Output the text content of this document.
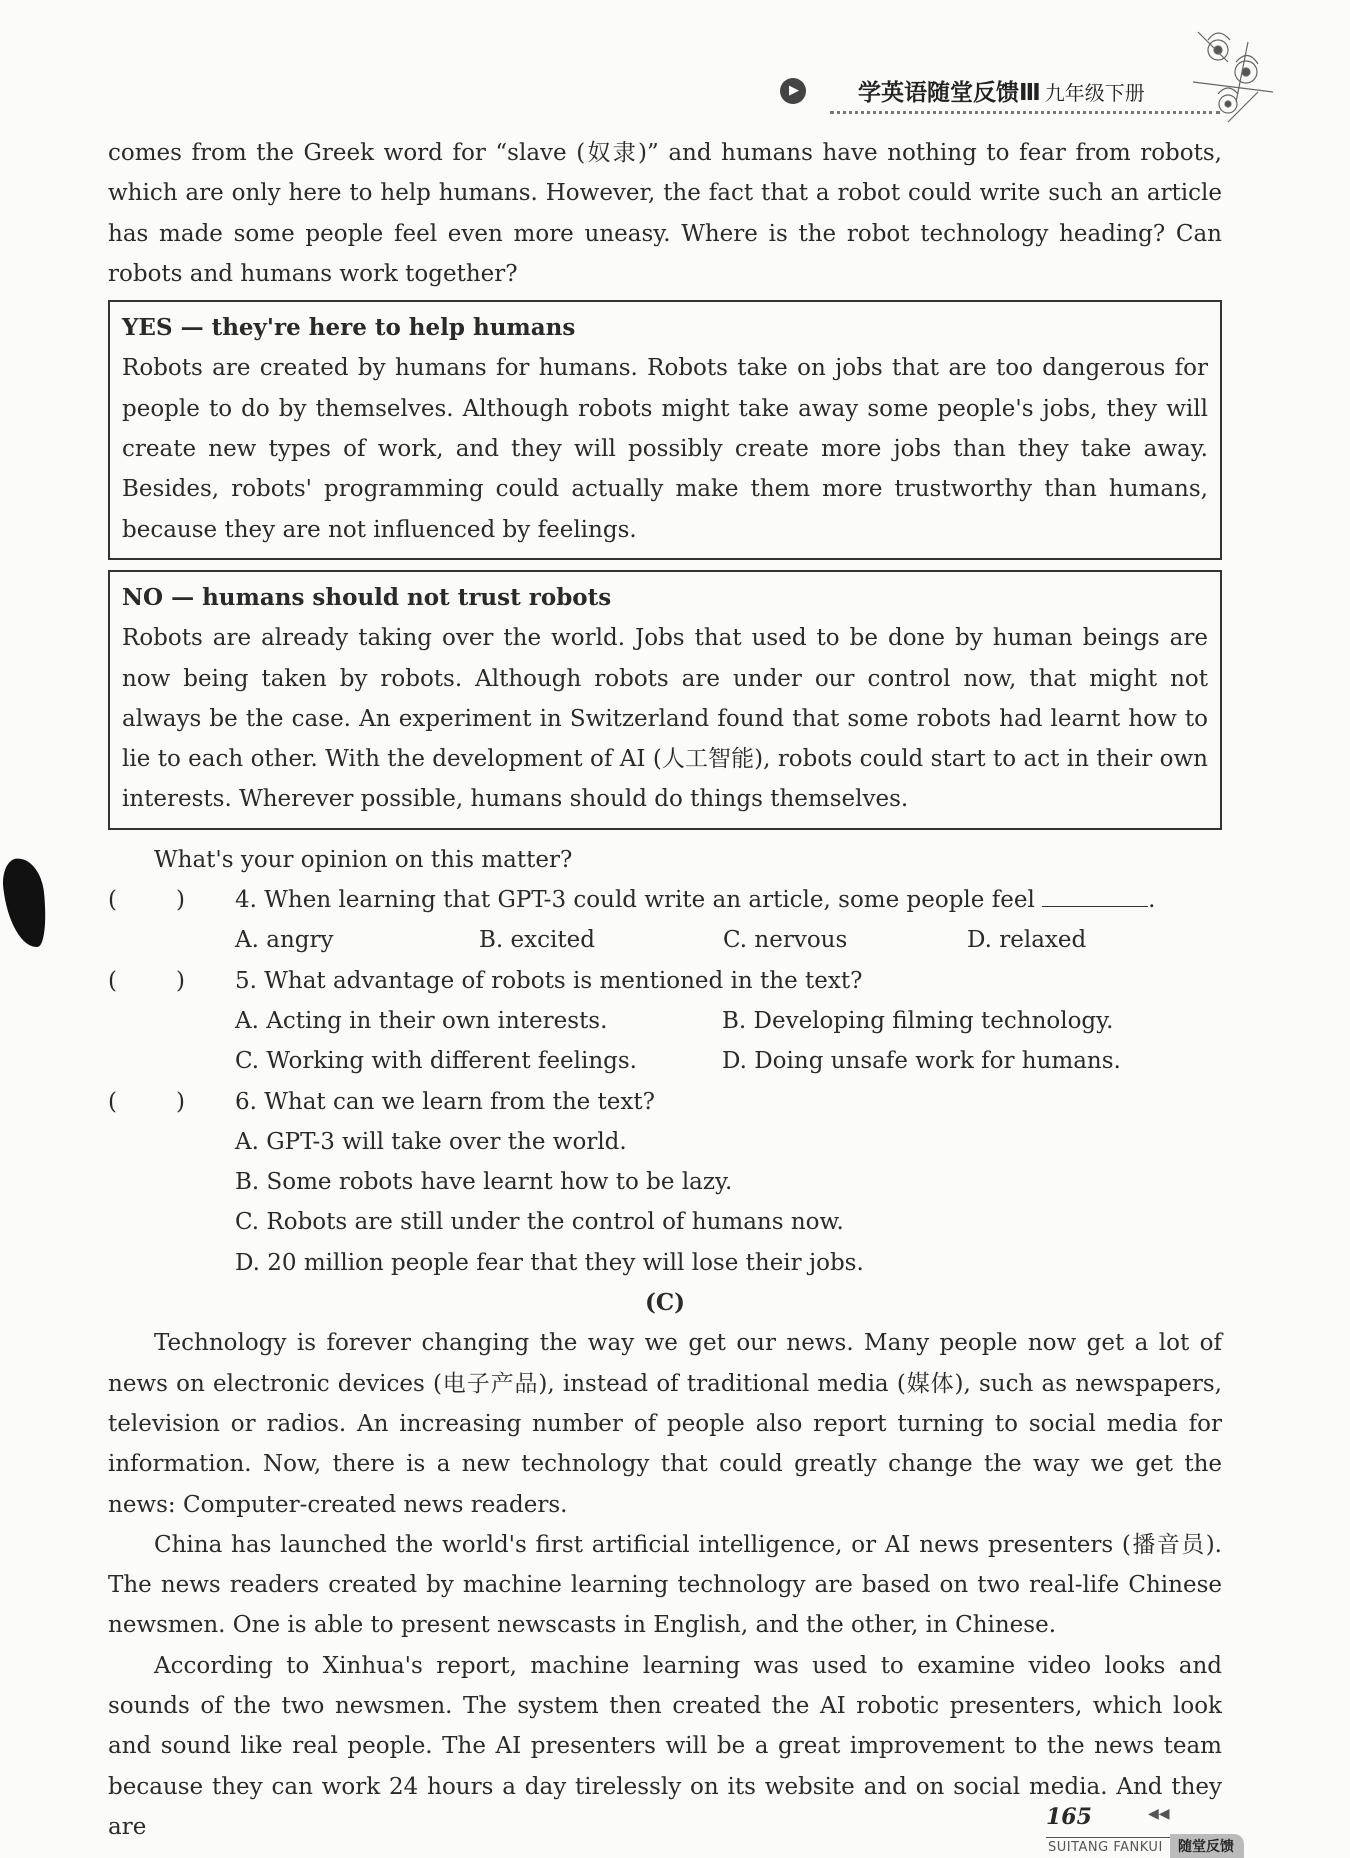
▶
学英语随堂反馈Ⅲ 九年级下册

comes from the Greek word for “slave (奴隶)” and humans have nothing to fear from robots, which are only here to help humans. However, the fact that a robot could write such an article has made some people feel even more uneasy. Where is the robot technology heading? Can robots and humans work together?

YES — they're here to help humans

Robots are created by humans for humans. Robots take on jobs that are too dangerous for people to do by themselves. Although robots might take away some people's jobs, they will create new types of work, and they will possibly create more jobs than they take away. Besides, robots' programming could actually make them more trustworthy than humans, because they are not influenced by feelings.

NO — humans should not trust robots

Robots are already taking over the world. Jobs that used to be done by human beings are now being taken by robots. Although robots are under our control now, that might not always be the case. An experiment in Switzerland found that some robots had learnt how to lie to each other. With the development of AI (人工智能), robots could start to act in their own interests. Wherever possible, humans should do things themselves.

What's your opinion on this matter?

(	) 4. When learning that GPT-3 could write an article, some people feel	.
A. angry	B. excited	C. nervous	D. relaxed
(	) 5. What advantage of robots is mentioned in the text?
A. Acting in their own interests.	B. Developing filming technology.
C. Working with different feelings.	D. Doing unsafe work for humans.
(	) 6. What can we learn from the text?
A. GPT-3 will take over the world.
B. Some robots have learnt how to be lazy.
C. Robots are still under the control of humans now.
D. 20 million people fear that they will lose their jobs.
(C)

Technology is forever changing the way we get our news. Many people now get a lot of news on electronic devices (电子产品), instead of traditional media (媒体), such as newspapers, television or radios. An increasing number of people also report turning to social media for information. Now, there is a new technology that could greatly change the way we get the news: Computer-created news readers.

China has launched the world's first artificial intelligence, or AI news presenters (播音员). The news readers created by machine learning technology are based on two real-life Chinese newsmen. One is able to present newscasts in English, and the other, in Chinese.

According to Xinhua's report, machine learning was used to examine video looks and sounds of the two newsmen. The system then created the AI robotic presenters, which look and sound like real people. The AI presenters will be a great improvement to the news team because they can work 24 hours a day tirelessly on its website and on social media. And they are	165	◀◀
SUITANG FANKUI	随堂反馈
